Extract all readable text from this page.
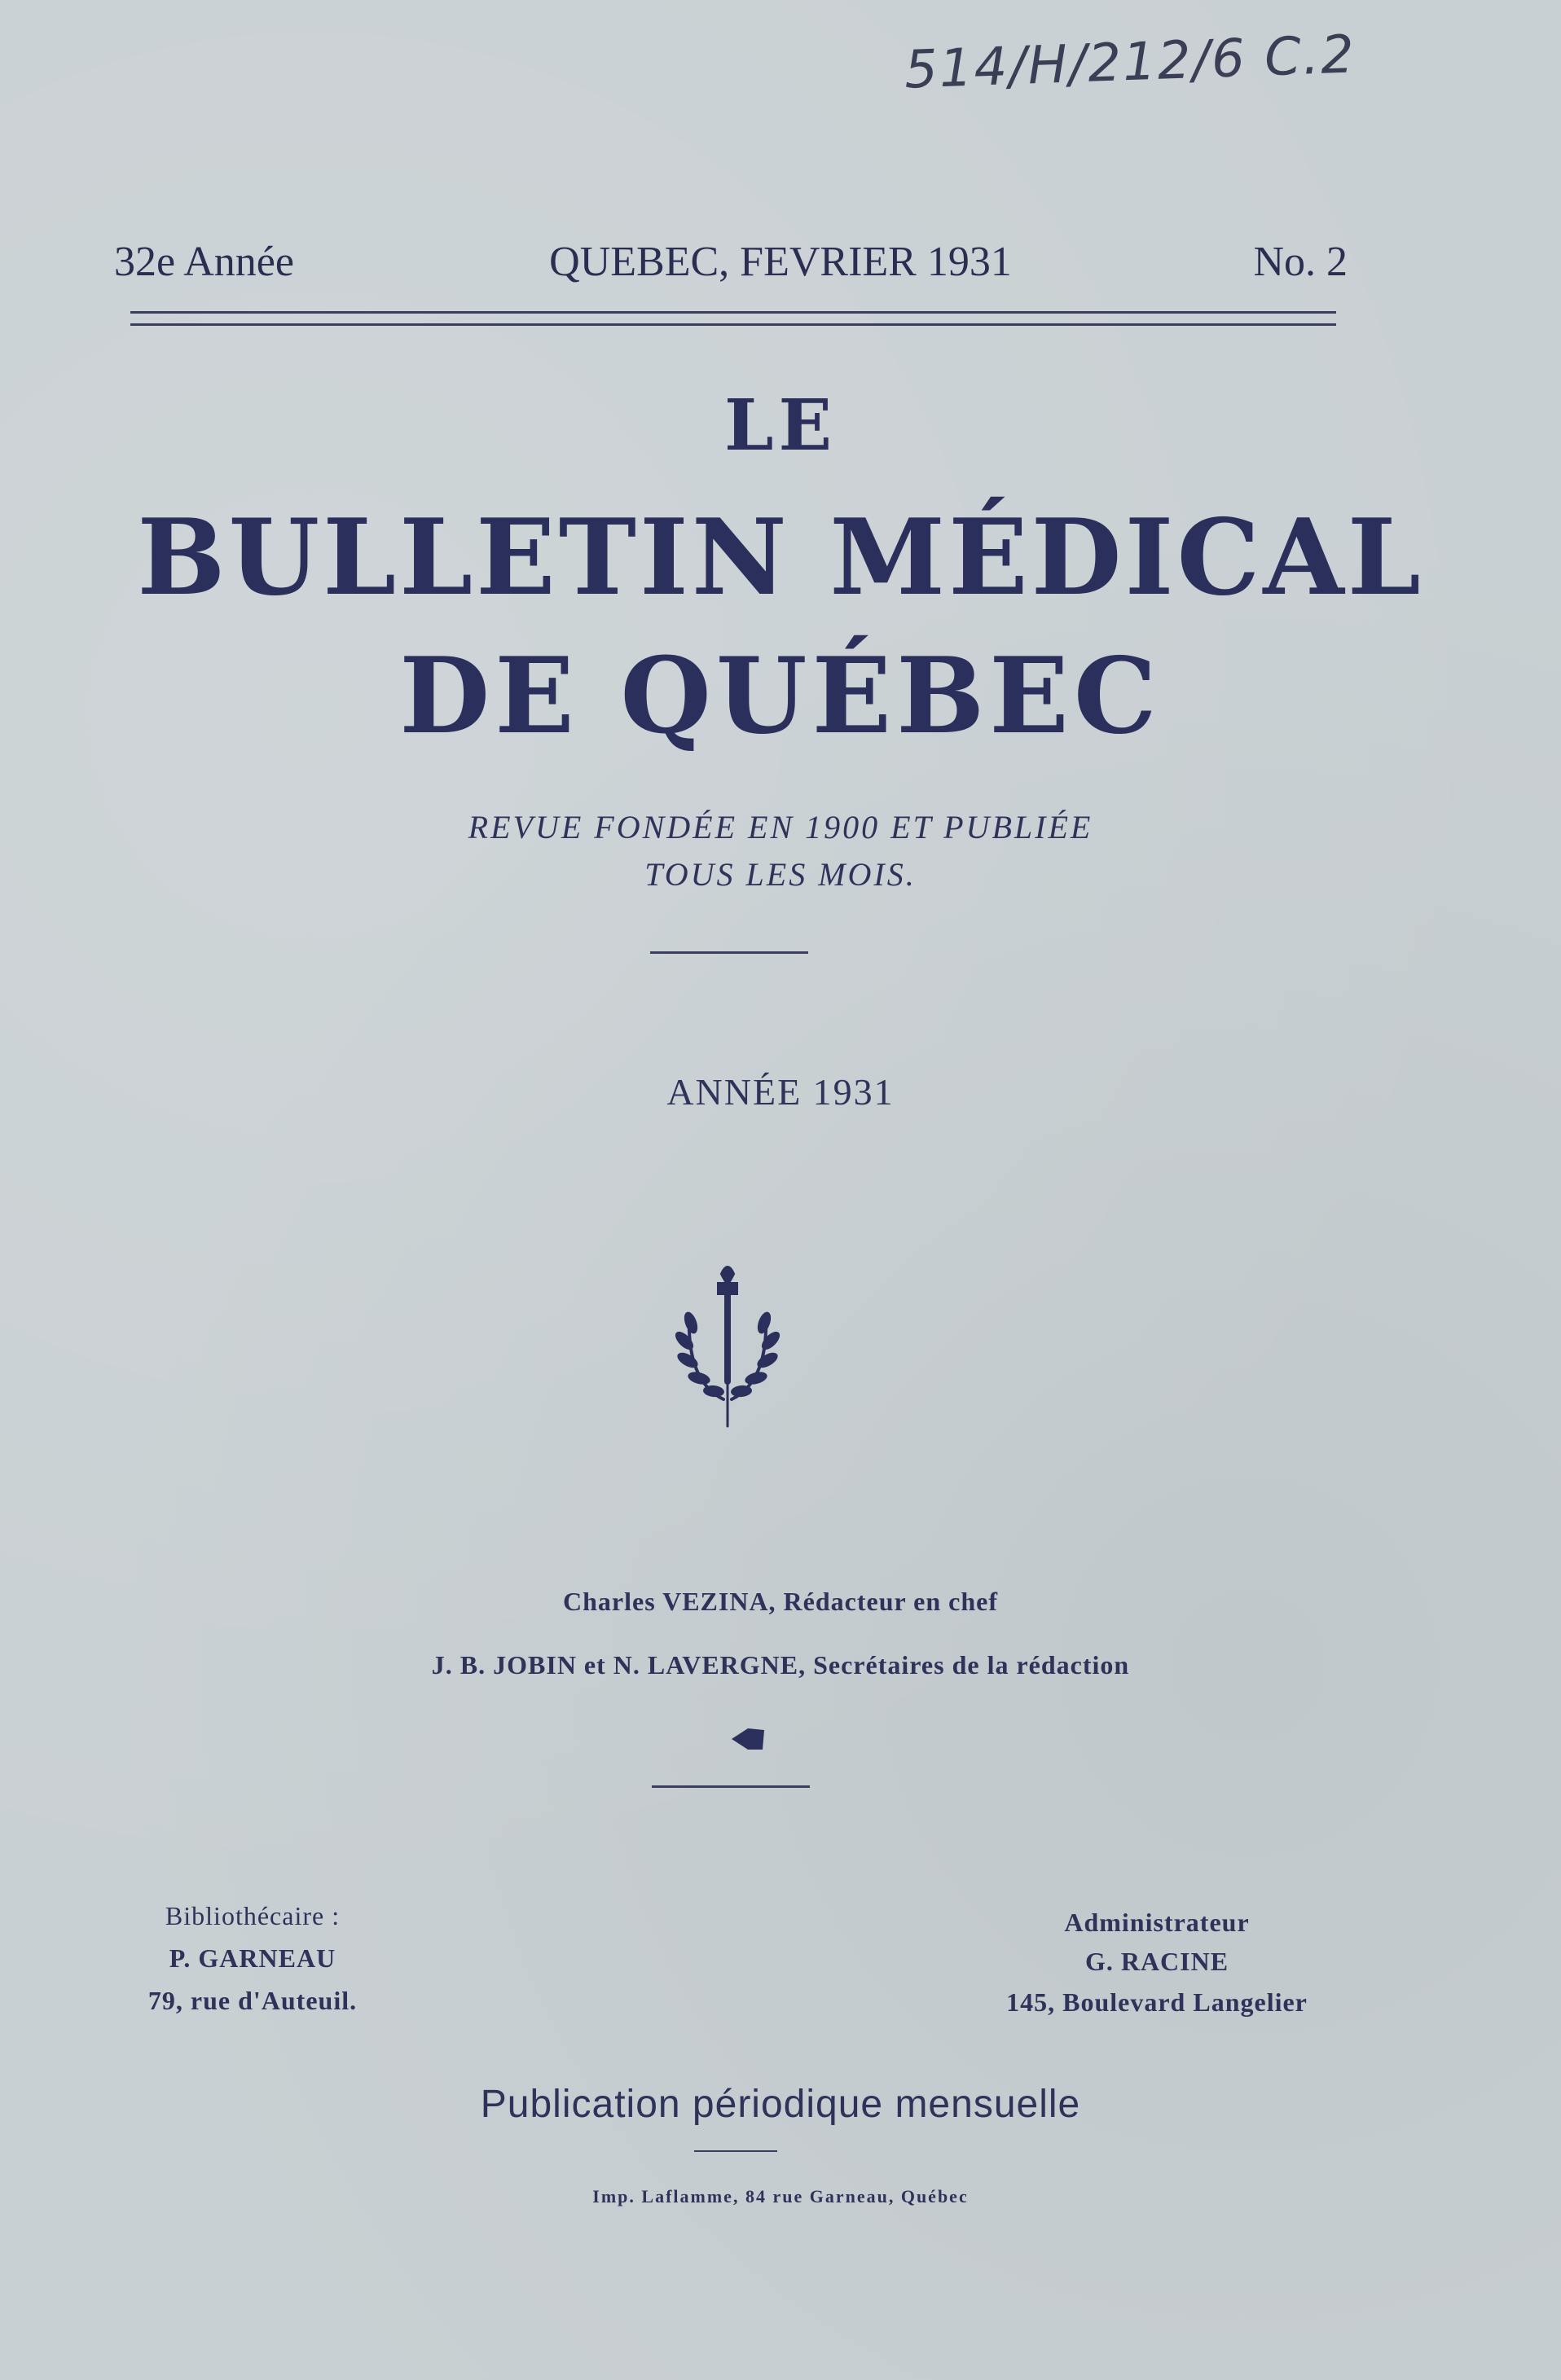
514/H/212/6 C.2
32e Année	QUEBEC, FEVRIER 1931	No. 2
LE
BULLETIN MÉDICAL
DE QUÉBEC
REVUE FONDÉE EN 1900 ET PUBLIÉE
TOUS LES MOIS.
ANNÉE 1931
Charles VEZINA, Rédacteur en chef
J. B. JOBIN et N. LAVERGNE, Secrétaires de la rédaction
Bibliothécaire :
P. GARNEAU
79, rue d'Auteuil.
Administrateur
G. RACINE
145, Boulevard Langelier
Publication périodique mensuelle
Imp. Laflamme, 84 rue Garneau, Québec
